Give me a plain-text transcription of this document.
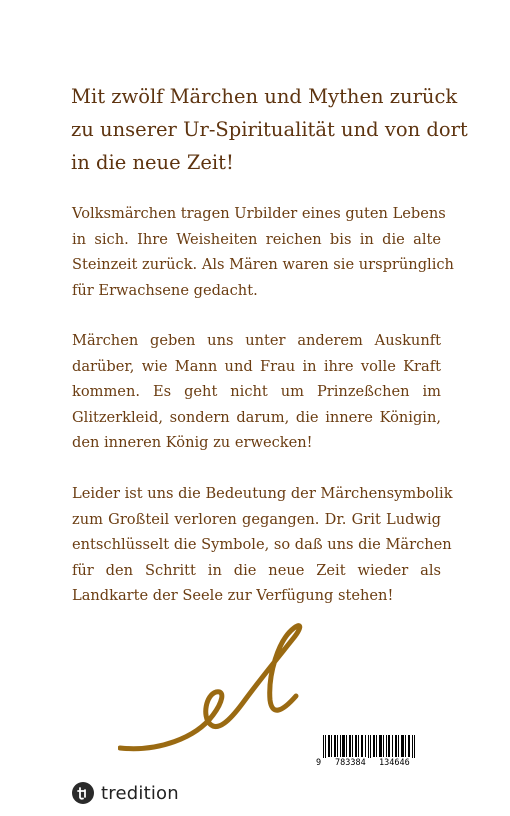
Mit zwölf Märchen und Mythen zurück
zu unserer Ur-Spiritualität und von dort
in die neue Zeit!
Volksmärchen tragen Urbilder eines guten Lebens
in sich. Ihre Weisheiten reichen bis in die alte
Steinzeit zurück. Als Mären waren sie ursprünglich
für Erwachsene gedacht.
Märchen geben uns unter anderem Auskunft
darüber, wie Mann und Frau in ihre volle Kraft
kommen. Es geht nicht um Prinzeßchen im
Glitzerkleid, sondern darum, die innere Königin,
den inneren König zu erwecken!
Leider ist uns die Bedeutung der Märchensymbolik
zum Großteil verloren gegangen. Dr. Grit Ludwig
entschlüsselt die Symbole, so daß uns die Märchen
für den Schritt in die neue Zeit wieder als
Landkarte der Seele zur Verfügung stehen!
9 783384 134646
tredition
